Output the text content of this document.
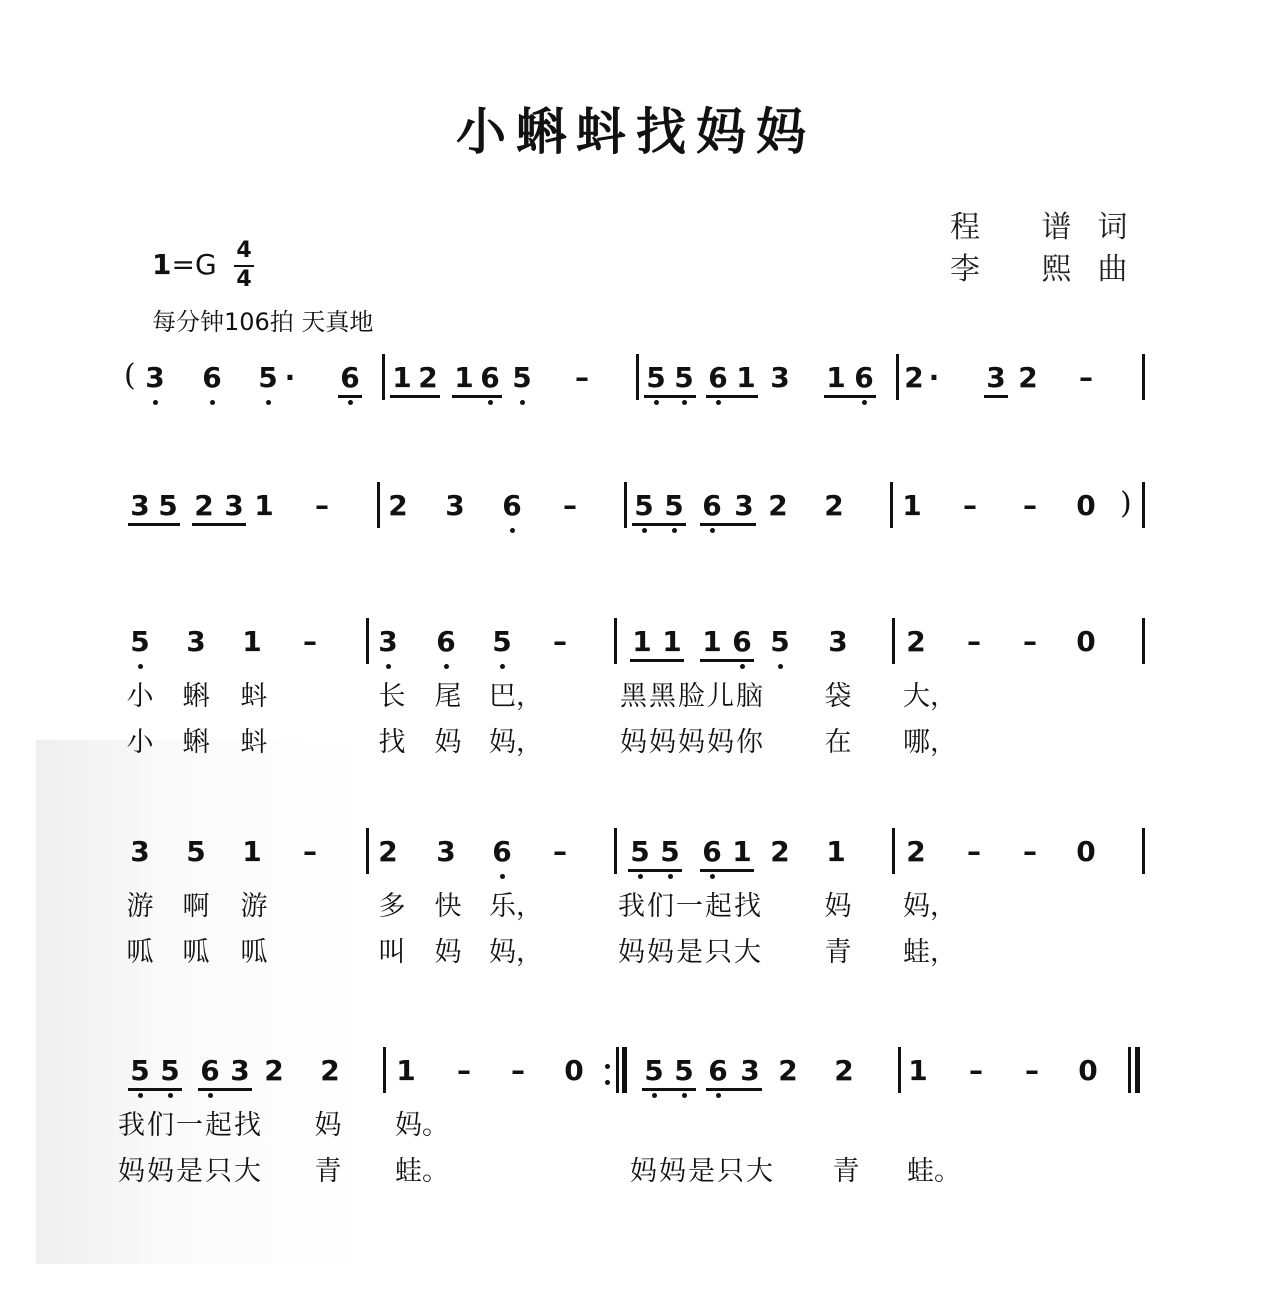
小蝌蚪找妈妈
程 谱词
李 熙曲
$1=G \frac{4}{4}$
每分钟106拍 天真地
3 6 5 · 6 1 2 1 6 5 – 5 5 6 1 3 1 6 2 · 3 2 –
3 5 2 3 1 – 2 3 6 – 5 5 6 3 2 2 1 – – 0
5 3 1 – 3 6 5 – 1 1 1 6 5 3 2 – – 0
小 蝌 蚪	长 尾 巴，	黑黑脸儿脑 袋 大，
小 蝌 蚪	找 妈 妈，	妈妈妈妈你 在 哪，
3 5 1 – 2 3 6 – 5 5 6 1 2 1 2 – – 0
游 啊 游	多 快 乐，	我们一起找 妈 妈，
呱 呱 呱	叫 妈 妈，	妈妈是只大 青 蛙，
5 5 6 3 2 2 1 – – 0 5 5 6 3 2 2 1 – – 0
我们一起找 妈 妈。
妈妈是只大 青 蛙。	妈妈是只大 青 蛙。
(
)
